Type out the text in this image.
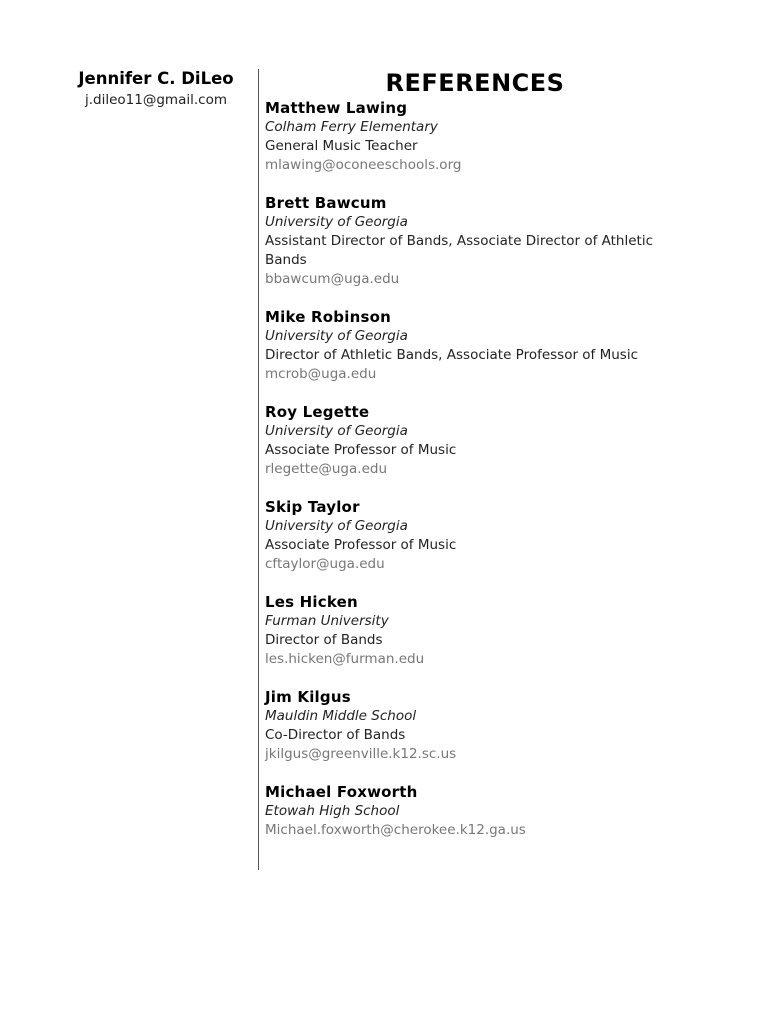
Jennifer C. DiLeo
j.dileo11@gmail.com
REFERENCES
Matthew Lawing
Colham Ferry Elementary
General Music Teacher
mlawing@oconeeschools.org
Brett Bawcum
University of Georgia
Assistant Director of Bands, Associate Director of Athletic Bands
bbawcum@uga.edu
Mike Robinson
University of Georgia
Director of Athletic Bands, Associate Professor of Music
mcrob@uga.edu
Roy Legette
University of Georgia
Associate Professor of Music
rlegette@uga.edu
Skip Taylor
University of Georgia
Associate Professor of Music
cftaylor@uga.edu
Les Hicken
Furman University
Director of Bands
les.hicken@furman.edu
Jim Kilgus
Mauldin Middle School
Co-Director of Bands
jkilgus@greenville.k12.sc.us
Michael Foxworth
Etowah High School
Michael.foxworth@cherokee.k12.ga.us
